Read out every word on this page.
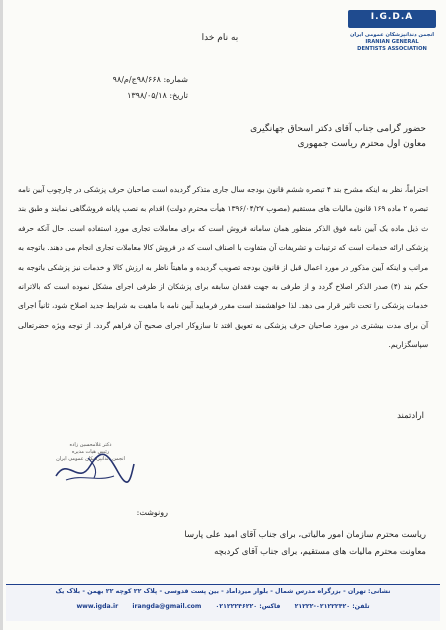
I.G.D.A
انجمن دندانپزشکان عمومی ایران
IRANIAN GENERAL
DENTISTS ASSOCIATION
به نام خدا
شماره: ۹۸/۶۶۸ج/م/۹۸
تاریخ: ۱۳۹۸/۰۵/۱۸
حضور گرامی جناب آقای دکتر اسحاق جهانگیری
معاون اول محترم ریاست جمهوری

احتراماً، نظر به اینکه مشرح بند ۴ تبصره ششم قانون بودجه سال جاری متذکر گردیده است صاحبان حرف پزشکی در چارچوب آیین نامه تبصره ۲ ماده ۱۶۹ قانون مالیات های مستقیم (مصوب ۱۳۹۶/۰۴/۲۷ هیأت محترم دولت) اقدام به نصب پایانه فروشگاهی نمایند و طبق بند ث ذیل ماده یک آیین نامه فوق الذکر منظور همان سامانه فروش است که برای معاملات تجاری مورد استفاده است. حال آنکه حرفه پزشکی ارائه خدمات است که ترتیبات و تشریفات آن متفاوت با اصناف است که در فروش کالا معاملات تجاری انجام می دهند. باتوجه به مراتب و اینکه آیین مذکور در مورد اعمال قبل از قانون بودجه تصویب گردیده و ماهیتاً ناظر به ارزش کالا و خدمات نیز پزشکی باتوجه به حکم بند (۴) صدر الذکر اصلاح گردد و از طرفی به جهت فقدان سابقه برای پزشکان از طرفی اجرای مشکل نموده است که بالاترانه خدمات پزشکی را تحت تاثیر قرار می دهد. لذا خواهشمند است مقرر فرمایید آیین نامه با ماهیت به شرایط جدید اصلاح شود، ثانیاً اجرای آن برای مدت بیشتری در مورد صاحبان حرف پزشکی به تعویق افتد تا سازوکار اجرای صحیح آن فراهم گردد. از توجه ویژه حضرتعالی سپاسگزاریم.

ارادتمند
دکتر غلامحسین زاده
رئیس هیات مدیره
انجمن دندانپزشکان عمومی ایران
رونوشت:
ریاست محترم سازمان امور مالیاتی، برای جناب آقای امید علی پارسا
معاونت محترم مالیات های مستقیم، برای جناب آقای کردبچه
نشانی: تهران - بزرگراه مدرس شمال - بلوار میرداماد - بین پست قدوسی - پلاک ۲۲ کوچه ۲۲ بهمن - بلاک یک
www.igda.ir irangda@gmail.com فاکس: ۰۲۱۲۲۲۴۶۲۲۰ تلفن: ۰۲۱۲۲۲۴۲۰-۲۱۲۲۲
